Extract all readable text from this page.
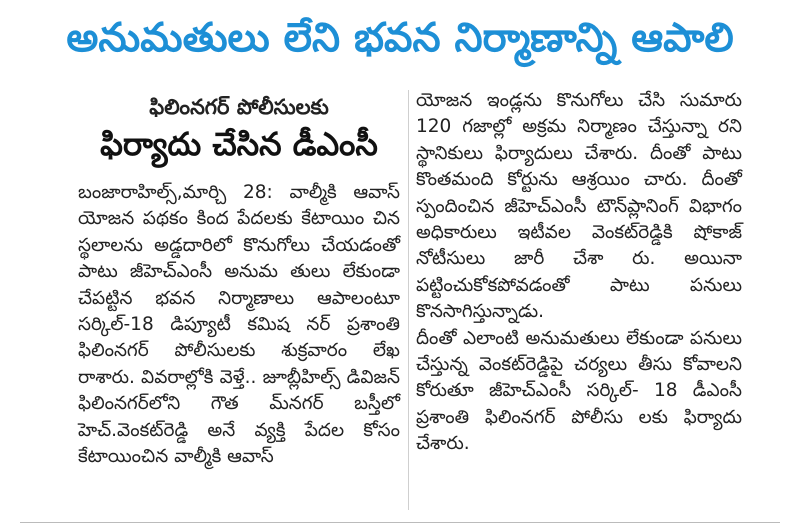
అనుమతులు లేని భవన నిర్మాణాన్ని ఆపాలి
ఫిలింనగర్ పోలీసులకు
ఫిర్యాదు చేసిన డీఎంసీ

బంజారాహిల్స్,మార్చి 28: వాల్మీకి ఆవాస్ యోజన పథకం కింద పేదలకు కేటాయిం చిన స్థలాలను అడ్డదారిలో కొనుగోలు చేయడంతో పాటు జీహెచ్ఎంసీ అనుమ తులు లేకుండా చేపట్టిన భవన నిర్మాణాలు ఆపాలంటూ సర్కిల్-18 డిప్యూటీ కమిష నర్ ప్రశాంతి ఫిలింనగర్ పోలీసులకు శుక్రవారం లేఖ రాశారు. వివరాల్లోకి వెళ్తే.. జూబ్లీహిల్స్ డివిజన్ ఫిలింనగర్‌లోని గౌత మ్‌నగర్ బస్తీలో హెచ్.వెంకట్‌రెడ్డి అనే వ్యక్తి పేదల కోసం కేటాయించిన వాల్మీకి ఆవాస్

యోజన ఇండ్లను కొనుగోలు చేసి సుమారు 120 గజాల్లో అక్రమ నిర్మాణం చేస్తున్నా రని స్థానికులు ఫిర్యాదులు చేశారు. దీంతో పాటు కొంతమంది కోర్టును ఆశ్రయిం చారు. దీంతో స్పందించిన జీహెచ్ఎంసీ టౌన్‌ప్లానింగ్ విభాగం అధికారులు ఇటీవల వెంకట్‌రెడ్డికి షోకాజ్ నోటీసులు జారీ చేశా రు. అయినా పట్టించుకోకపోవడంతో పాటు పనులు కొనసాగిస్తున్నాడు.

దీంతో ఎలాంటి అనుమతులు లేకుండా పనులు చేస్తున్న వెంకట్‌రెడ్డిపై చర్యలు తీసు కోవాలని కోరుతూ జీహెచ్ఎంసీ సర్కిల్- 18 డీఎంసీ ప్రశాంతి ఫిలింనగర్ పోలీసు లకు ఫిర్యాదు చేశారు.
